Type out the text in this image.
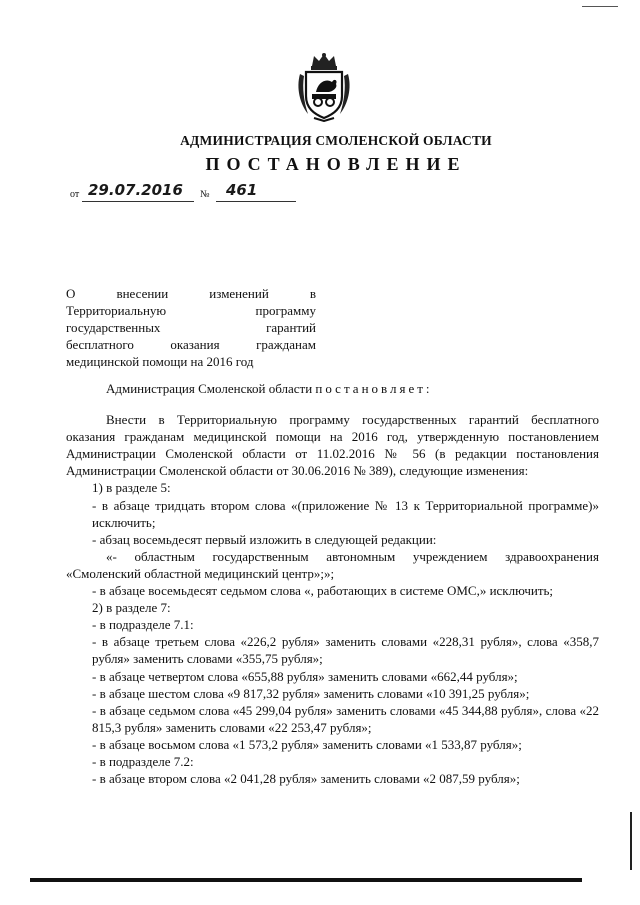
АДМИНИСТРАЦИЯ СМОЛЕНСКОЙ ОБЛАСТИ
ПОСТАНОВЛЕНИЕ
от 29.07.2016 № 461
О внесении изменений в
Территориальную программу
государственных гарантий
бесплатного оказания гражданам
медицинской помощи на 2016 год

Администрация Смоленской области постановляет:

Внести в Территориальную программу государственных гарантий бесплатного

оказания гражданам медицинской помощи на 2016 год, утвержденную постановлением Администрации Смоленской области от 11.02.2016 № 56 (в редакции постановления Администрации Смоленской области от 30.06.2016 № 389), следующие изменения:

1) в разделе 5:

- в абзаце тридцать втором слова «(приложение № 13 к Территориальной программе)» исключить;

- абзац восемьдесят первый изложить в следующей редакции:

«- областным государственным автономным учреждением здравоохранения «Смоленский областной медицинский центр»;»;

- в абзаце восемьдесят седьмом слова «, работающих в системе ОМС,» исключить;

2) в разделе 7:

- в подразделе 7.1:

- в абзаце третьем слова «226,2 рубля» заменить словами «228,31 рубля», слова «358,7 рубля» заменить словами «355,75 рубля»;

- в абзаце четвертом слова «655,88 рубля» заменить словами «662,44 рубля»;

- в абзаце шестом слова «9 817,32 рубля» заменить словами «10 391,25 рубля»;

- в абзаце седьмом слова «45 299,04 рубля» заменить словами «45 344,88 рубля», слова «22 815,3 рубля» заменить словами «22 253,47 рубля»;

- в абзаце восьмом слова «1 573,2 рубля» заменить словами «1 533,87 рубля»;

- в подразделе 7.2:

- в абзаце втором слова «2 041,28 рубля» заменить словами «2 087,59 рубля»;
